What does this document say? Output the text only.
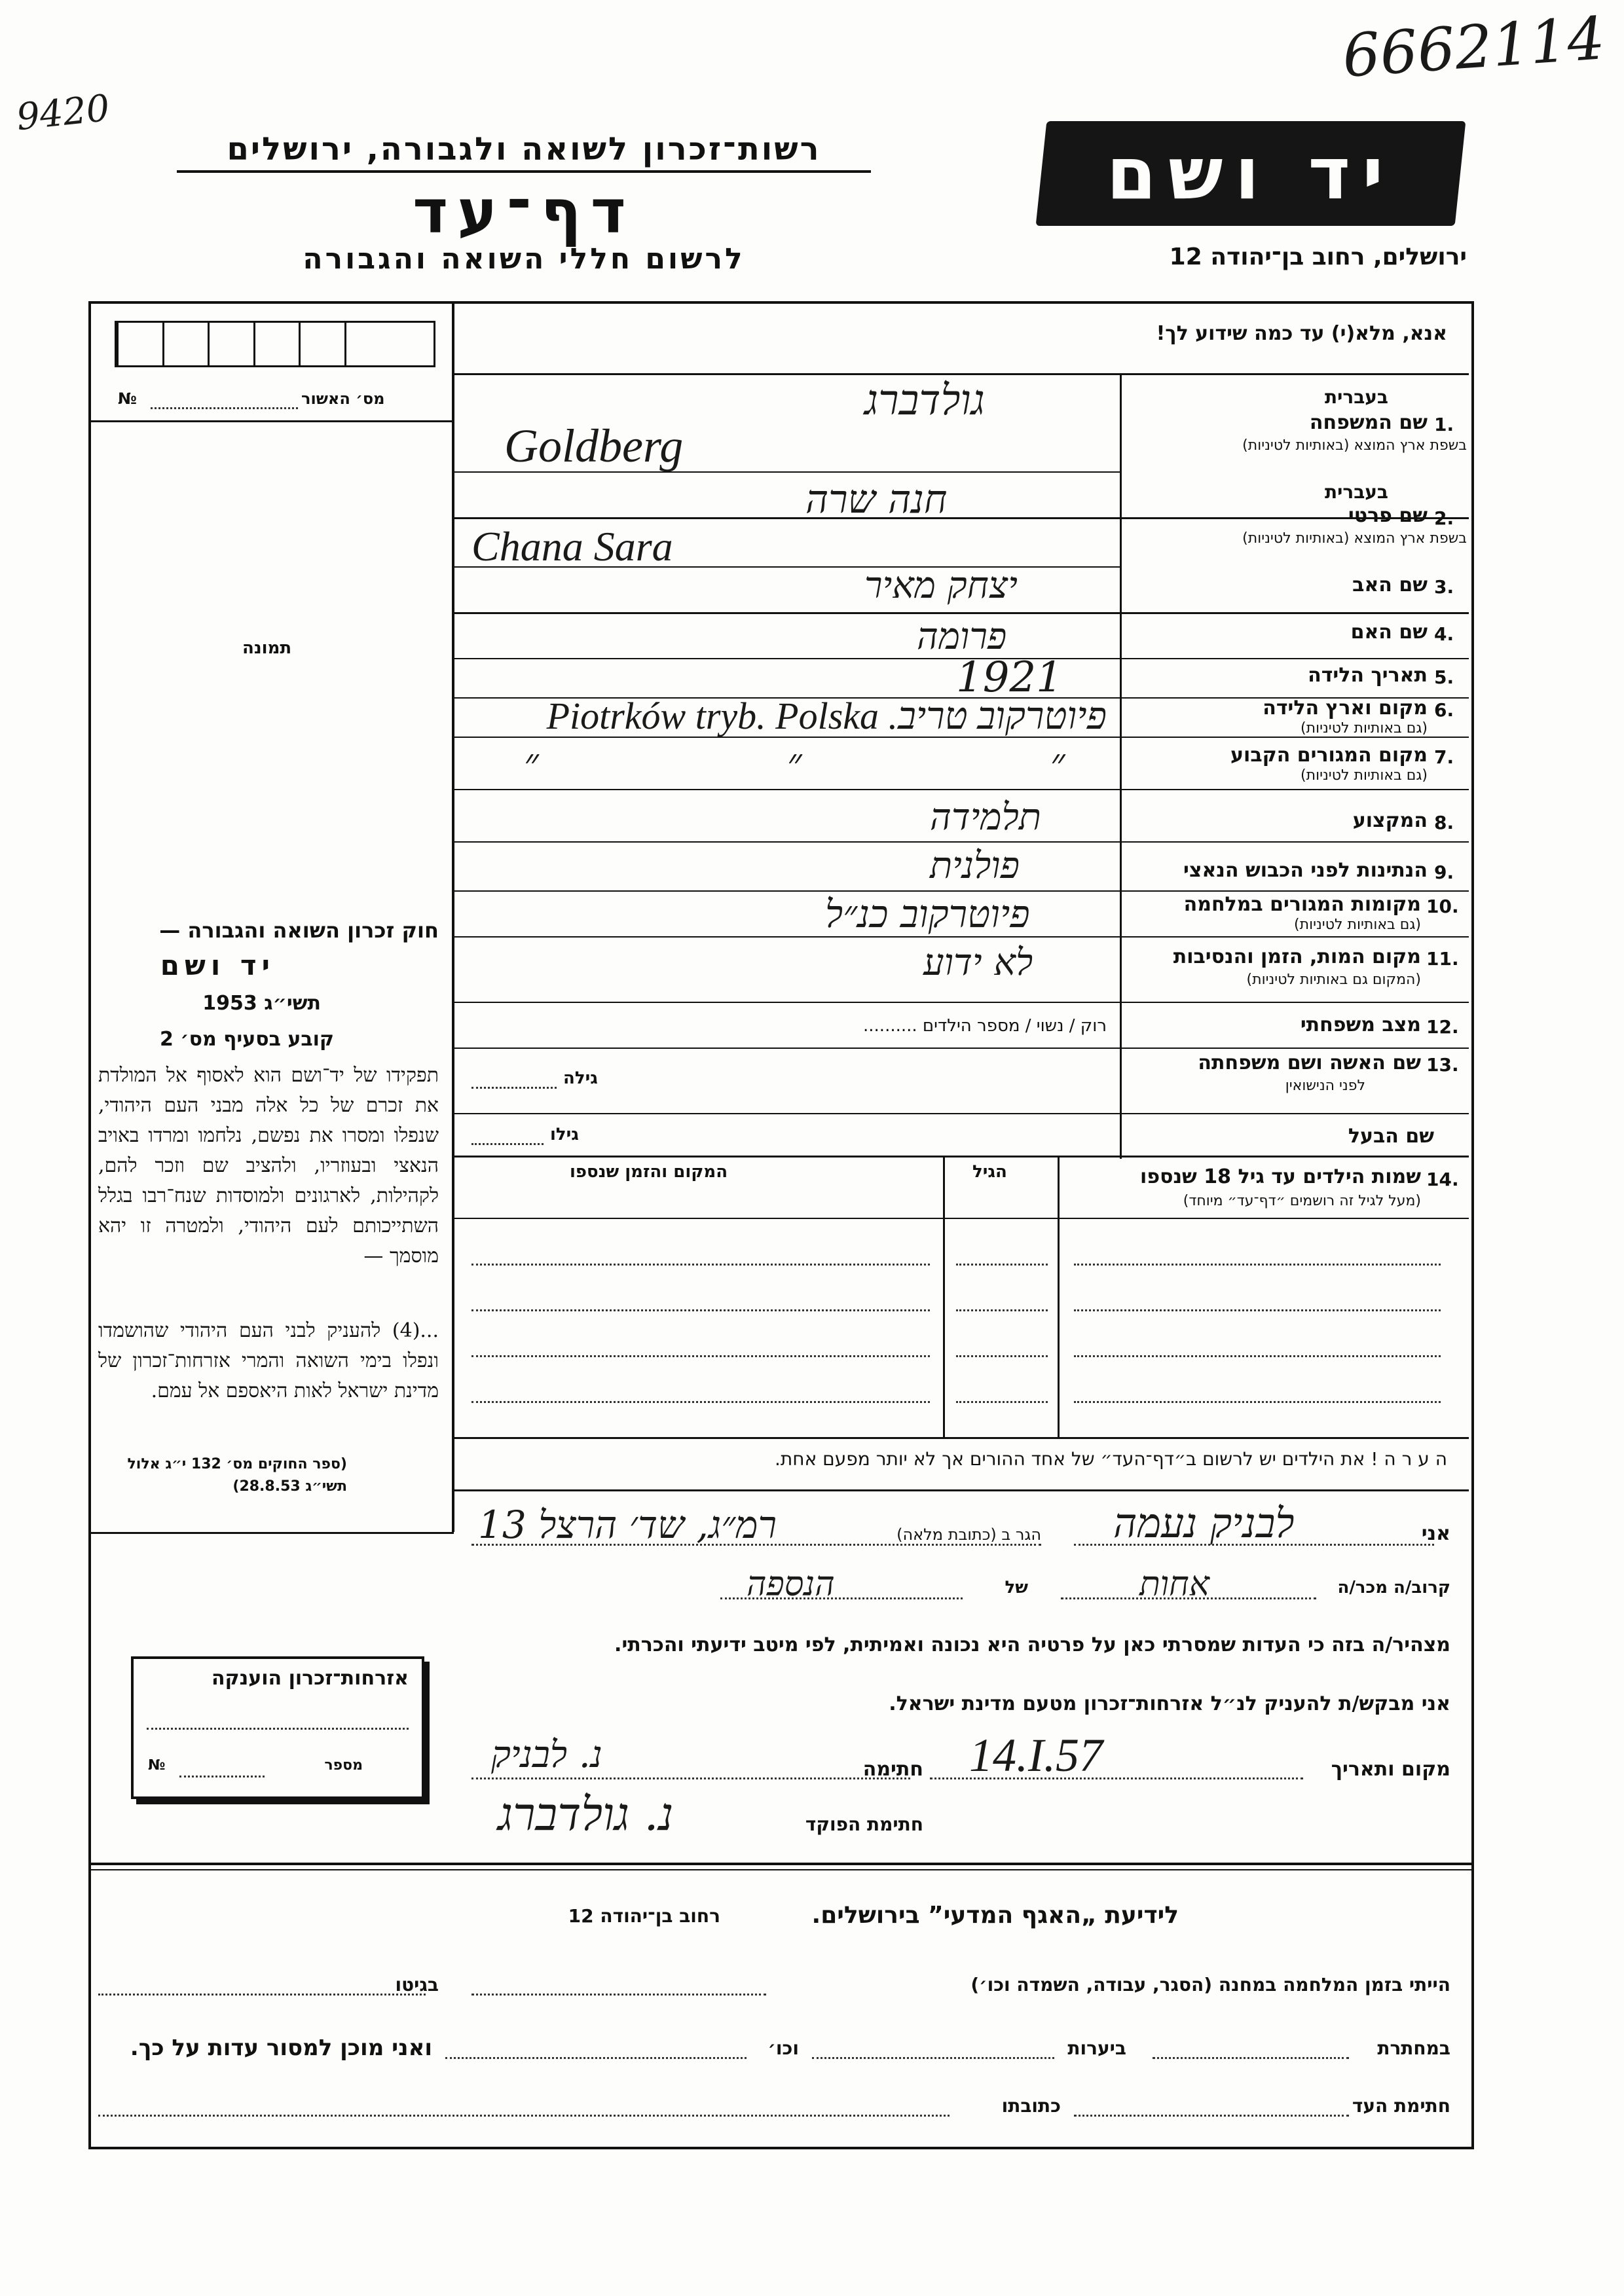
6662114
9420
רשות־זכרון לשואה ולגבורה, ירושלים
דף־עד
לרשום חללי השואה והגבורה
יד ושם
ירושלים, רחוב בן־יהודה 12
מס׳ האשור
№
תמונה
אנא, מלא(י) עד כמה שידוע לך!
בעברית
1.
שם המשפחה
בשפת ארץ המוצא (באותיות לטיניות)
גולדברג
Goldberg
בעברית
2.
שם פרטי
בשפת ארץ המוצא (באותיות לטיניות)
חנה שרה
Chana Sara
3.
שם האב
יצחק מאיר
4.
שם האם
פרומה
5.
תאריך הלידה
1921
6.
מקום וארץ הלידה
(גם באותיות לטיניות)
פיוטרקוב טריב. Piotrków tryb. Polska
7.
מקום המגורים הקבוע
(גם באותיות לטיניות)
״ ״ ״
8.
המקצוע
תלמידה
9.
הנתינות לפני הכבוש הנאצי
פולנית
10.
מקומות המגורים במלחמה
(גם באותיות לטיניות)
פיוטרקוב כנ״ל
11.
מקום המות, הזמן והנסיבות
(המקום גם באותיות לטיניות)
לא ידוע
12.
מצב משפחתי
רוק / נשוי / מספר הילדים ..........
13.
שם האשה ושם משפחתה
לפני הנישואין
גילה
שם הבעל
גילו
14.
שמות הילדים עד גיל 18 שנספו
(מעל לגיל זה רושמים ״דף־עד״ מיוחד)
הגיל
המקום והזמן שנספו
ה ע ר ה ! את הילדים יש לרשום ב״דף־העד״ של אחד ההורים אך לא יותר מפעם אחת.
חוק זכרון השואה והגבורה —
יד ושם
תשי״ג 1953
קובע בסעיף מס׳ 2
תפקידו של יד־ושם הוא לאסוף אל המולדת את זכרם של כל אלה מבני העם היהודי, שנפלו ומסרו את נפשם, נלחמו ומרדו באויב הנאצי ובעוזריו, ולהציב שם וזכר להם, לקהילות, לארגונים ולמוסדות שנח־רבו בגלל השתייכותם לעם היהודי, ולמטרה זו יהא מוסמך —
...(4) להעניק לבני העם היהודי שהושמדו ונפלו בימי השואה והמרי אזרחות־זכרון של מדינת ישראל לאות היאספם אל עמם.
(ספר החוקים מס׳ 132 י״ג אלול תשי״ג 28.8.53)
אזרחות־זכרון הוענקה
מספר
№
אני
לבניק נעמה
הגר ב (כתובת מלאה)
רמ״ג, שד׳ הרצל 13
קרוב/ה מכר/ה
אחות
של
הנספה
מצהיר/ה בזה כי העדות שמסרתי כאן על פרטיה היא נכונה ואמיתית, לפי מיטב ידיעתי והכרתי.
אני מבקש/ת להעניק לנ״ל אזרחות־זכרון מטעם מדינת ישראל.
מקום ותאריך
14.I.57
חתימה
נ. לבניק
חתימת הפוקד
נ. גולדברג
לידיעת „האגף המדעי” בירושלים.
רחוב בן־יהודה 12
הייתי בזמן המלחמה במחנה (הסגר, עבודה, השמדה וכו׳)
בגיטו
במחתרת
ביערות
וכו׳
ואני מוכן למסור עדות על כך.
חתימת העד
כתובתו
